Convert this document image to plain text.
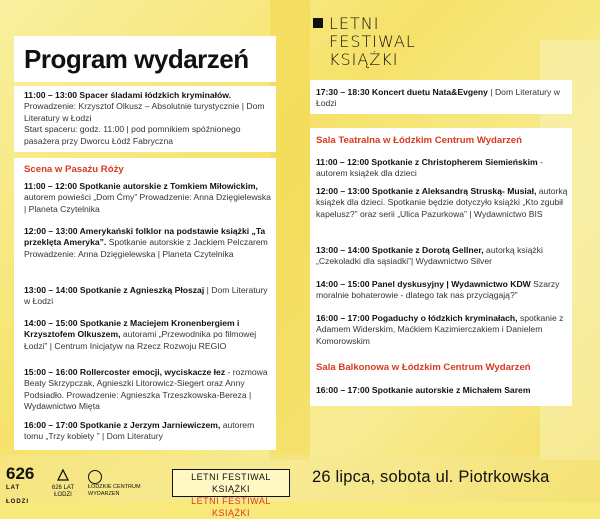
Program wydarzeń
LETNI
FESTIWAL
KSIĄŻKI
11:00 – 13:00 Spacer śladami łódzkich kryminałów.
Prowadzenie: Krzysztof Olkusz – Absolutnie turystycznie | Dom Literatury w Łodzi
Start spaceru: godz. 11:00 | pod pomnikiem spóźnionego pasażera przy Dworcu Łódź Fabryczna
Scena w Pasażu Róży
11:00 – 12:00 Spotkanie autorskie z Tomkiem Miłowickim, autorem powieści „Dom Ćmy” Prowadzenie: Anna Dzięgielewska | Planeta Czytelnika
12:00 – 13:00 Amerykański folklor na podstawie książki „Ta przeklęta Ameryka”. Spotkanie autorskie z Jackiem Pelczarem Prowadzenie: Anna Dzięgielewska | Planeta Czytelnika
13:00 – 14:00 Spotkanie z Agnieszką Płoszaj | Dom Literatury w Łodzi
14:00 – 15:00 Spotkanie z Maciejem Kronenbergiem i Krzysztofem Olkuszem, autorami „Przewodnika po filmowej Łodzi” | Centrum Inicjatyw na Rzecz Rozwoju REGIO
15:00 – 16:00 Rollercoster emocji, wyciskacze łez - rozmowa Beaty Skrzypczak, Agnieszki Litorowicz-Siegert oraz Anny Podsiadło. Prowadzenie: Agnieszka Trzeszkowska-Bereza | Wydawnictwo Mięta
16:00 – 17:00 Spotkanie z Jerzym Jarniewiczem, autorem tomu „Trzy kobiety ” | Dom Literatury
17:30 – 18:30 Koncert duetu Nata&Evgeny | Dom Literatury w Łodzi
Sala Teatralna w Łódzkim Centrum Wydarzeń
11:00 – 12:00 Spotkanie z Christopherem Siemieńskim - autorem książek dla dzieci
12:00 – 13:00 Spotkanie z Aleksandrą Struską- Musiał, autorką książek dla dzieci. Spotkanie będzie dotyczyło książki „Kto zgubił kapelusz?” oraz serii „Ulica Pazurkowa” | Wydawnictwo BIS
13:00 – 14:00 Spotkanie z Dorotą Gellner, autorką książki „Czekoladki dla sąsiadki”| Wydawnictwo Silver
14:00 – 15:00 Panel dyskusyjny | Wydawnictwo KDW Szarzy moralnie bohaterowie - dlatego tak nas przyciągają?”
16:00 – 17:00 Pogaduchy o łódzkich kryminałach, spotkanie z Adamem Widerskim, Maćkiem Kazimierczakiem i Danielem Komorowskim
Sala Balkonowa w Łódzkim Centrum Wydarzeń
16:00 – 17:00 Spotkanie autorskie z Michałem Sarem
626
LAT ŁODZI
626 LAT ŁODZI
ŁÓDZKIE CENTRUM
WYDARZEŃ
LETNI FESTIWAL KSIĄŻKI
LETNI FESTIWAL KSIĄŻKI
26 lipca, sobota ul. Piotrkowska
